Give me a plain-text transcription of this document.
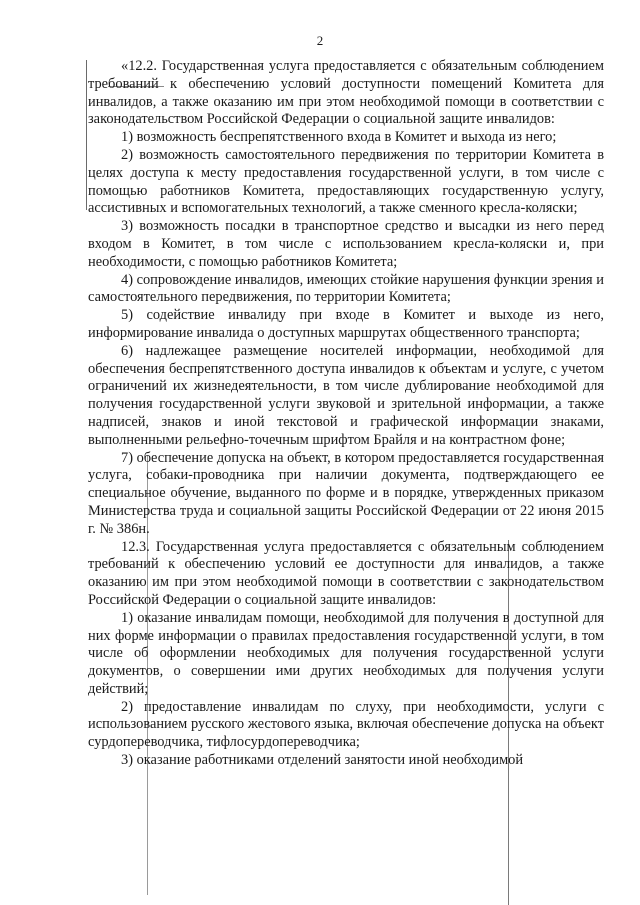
2

«12.2. Государственная услуга предоставляется с обязательным соблюдением требований к обеспечению условий доступности помещений Комитета для инвалидов, а также оказанию им при этом необходимой помощи в соответствии с законодательством Российской Федерации о социальной защите инвалидов:

1) возможность беспрепятственного входа в Комитет и выхода из него;

2) возможность самостоятельного передвижения по территории Комитета в целях доступа к месту предоставления государственной услуги, в том числе с помощью работников Комитета, предоставляющих государственную услугу, ассистивных и вспомогательных технологий, а также сменного кресла-коляски;

3) возможность посадки в транспортное средство и высадки из него перед входом в Комитет, в том числе с использованием кресла-коляски и, при необходимости, с помощью работников Комитета;

4) сопровождение инвалидов, имеющих стойкие нарушения функции зрения и самостоятельного передвижения, по территории Комитета;

5) содействие инвалиду при входе в Комитет и выходе из него, информирование инвалида о доступных маршрутах общественного транспорта;

6) надлежащее размещение носителей информации, необходимой для обеспечения беспрепятственного доступа инвалидов к объектам и услуге, с учетом ограничений их жизнедеятельности, в том числе дублирование необходимой для получения государственной услуги звуковой и зрительной информации, а также надписей, знаков и иной текстовой и графической информации знаками, выполненными рельефно-точечным шрифтом Брайля и на контрастном фоне;

7) обеспечение допуска на объект, в котором предоставляется государственная услуга, собаки-проводника при наличии документа, подтверждающего ее специальное обучение, выданного по форме и в порядке, утвержденных приказом Министерства труда и социальной защиты Российской Федерации от 22 июня 2015 г. № 386н.

12.3. Государственная услуга предоставляется с обязательным соблюдением требований к обеспечению условий ее доступности для инвалидов, а также оказанию им при этом необходимой помощи в соответствии с законодательством Российской Федерации о социальной защите инвалидов:

1) оказание инвалидам помощи, необходимой для получения в доступной для них форме информации о правилах предоставления государственной услуги, в том числе об оформлении необходимых для получения государственной услуги документов, о совершении ими других необходимых для получения услуги действий;

2) предоставление инвалидам по слуху, при необходимости, услуги с использованием русского жестового языка, включая обеспечение допуска на объект сурдопереводчика, тифлосурдопереводчика;

3) оказание работниками отделений занятости иной необходимой
